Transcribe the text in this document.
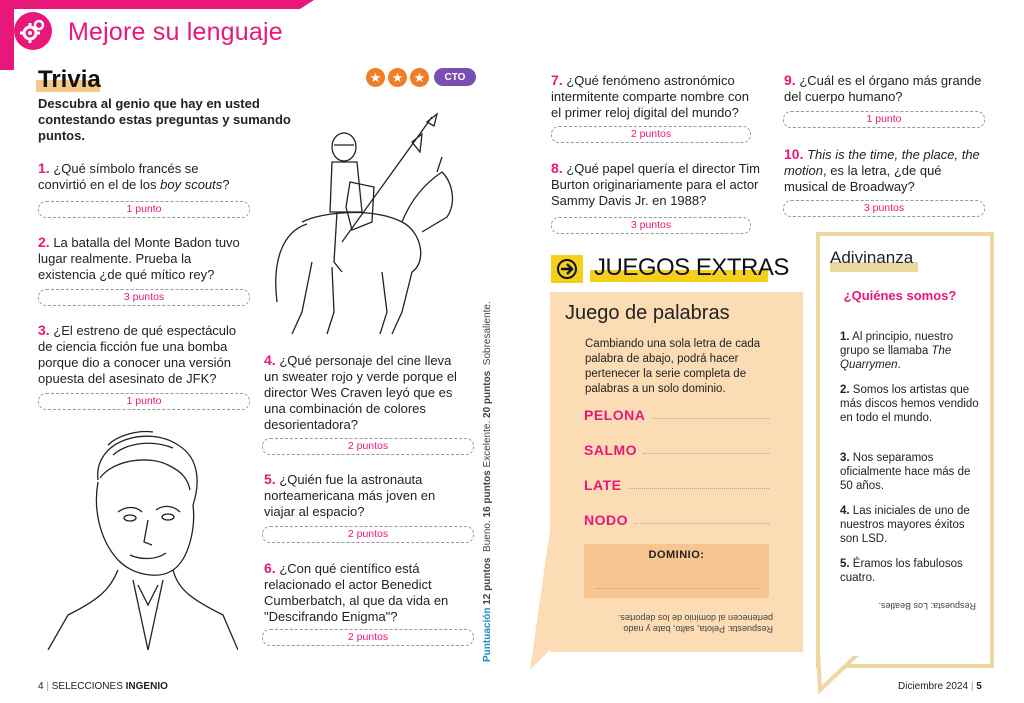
Mejore su lenguaje
Trivia	★ ★ ★	CTO
Descubra al genio que hay en usted contestando estas preguntas y sumando puntos.
1. ¿Qué símbolo francés se convirtió en el de los boy scouts?
1 punto
2. La batalla del Monte Badon tuvo lugar realmente. Prueba la existencia ¿de qué mítico rey?
3 puntos
3. ¿El estreno de qué espectáculo de ciencia ficción fue una bomba porque dio a conocer una versión opuesta del asesinato de JFK?
1 punto
4. ¿Qué personaje del cine lleva un sweater rojo y verde porque el director Wes Craven leyó que es una combinación de colores desorientadora?
2 puntos
5. ¿Quién fue la astronauta norteamericana más joven en viajar al espacio?
2 puntos
6. ¿Con qué científico está relacionado el actor Benedict Cumberbatch, al que da vida en "Descifrando Enigma"?
2 puntos	Puntuación 12 puntos  Bueno. 16 puntos Excelente. 20 puntos  Sobresaliente.
4 | SELECCIONES INGENIO
7. ¿Qué fenómeno astronómico intermitente comparte nombre con el primer reloj digital del mundo?
2 puntos
8. ¿Qué papel quería el director Tim Burton originariamente para el actor Sammy Davis Jr. en 1988?
3 puntos
9. ¿Cuál es el órgano más grande del cuerpo humano?
1 punto
10. This is the time, the place, the motion, es la letra, ¿de qué musical de Broadway?
3 puntos
JUEGOS EXTRAS
Juego de palabras
Cambiando una sola letra de cada palabra de abajo, podrá hacer pertenecer la serie completa de palabras a un solo dominio.
PELONA
SALMO
LATE
NODO
DOMINIO:
Respuesta: Pelota, salto, bate y nado pertenecen al dominio de los deportes.
Adivinanza
¿Quiénes somos?
1. Al principio, nuestro grupo se llamaba The Quarrymen.
2. Somos los artistas que más discos hemos vendido en todo el mundo.
3. Nos separamos oficialmente hace más de 50 años.
4. Las iniciales de uno de nuestros mayores éxitos son LSD.
5. Éramos los fabulosos cuatro.
Respuesta: Los Beatles.
Diciembre 2024 | 5
